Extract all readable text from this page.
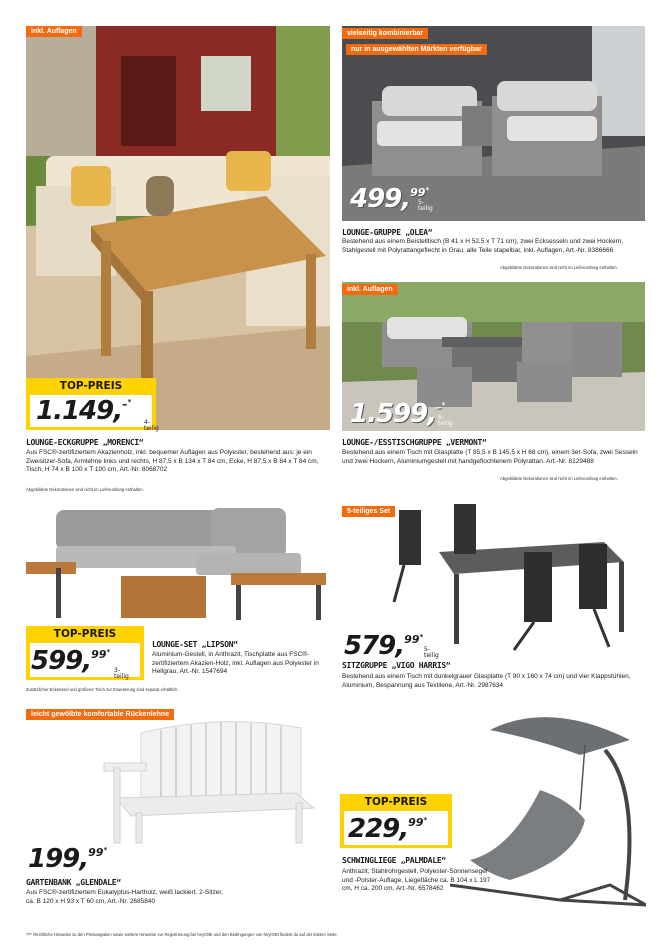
inkl. Auflagen
TOP-PREIS
1.149, – *
4-teilig
LOUNGE-ECKGRUPPE „MORENCI“
Aus FSC®-zertifiziertem Akazienholz, inkl. bequemer Auflagen aus Polyester, bestehend aus: je ein Zweisitzer-Sofa, Armlehne links und rechts, H 87,5 x B 134 x T 84 cm, Ecke, H 87,5 x B 84 x T 84 cm, Tisch, H 74 x B 100 x T 100 cm, Art.-Nr. 8068702
Abgebildete Dekorationen sind nicht im Lieferumfang enthalten.
vielseitig kombinierbar
nur in ausgewählten Märkten verfügbar
499, 99 *
5-teilig
LOUNGE-GRUPPE „OLEA“
Bestehend aus einem Beistelltisch (B 41 x H 52,5 x T 71 cm), zwei Ecksesseln und zwei Hockern, Stahlgestell mit Polyrattangeflecht in Grau, alle Teile stapelbar, inkl. Auflagen, Art.-Nr. 8386666
Abgebildete Dekorationen sind nicht im Lieferumfang enthalten.
inkl. Auflagen
1.599, – *
6-teilig
LOUNGE-/ESSTISCHGRUPPE „VERMONT“
Bestehend aus einem Tisch mit Glasplatte (T 85,5 x B 145,5 x H 68 cm), einem 3er-Sofa, zwei Sesseln und zwei Hockern, Aluminiumgestell mit handgeflochtenem Polyrattan. Art.-Nr. 8129488
Abgebildete Dekorationen sind nicht im Lieferumfang enthalten.
TOP-PREIS
599, 99 *
3-teilig
LOUNGE-SET „LIPSON“
Aluminium-Gestell, in Anthrazit, Tischplatte aus FSC®-zertifiziertem Akazien-Holz, inkl. Auflagen aus Polyester in Hellgrau, Art.-Nr. 1547694
Zusätzlicher Ecksessel und größerer Tisch zur Erweiterung sind separat erhältlich.
5-teiliges Set
579, 99 *
5-teilig
SITZGRUPPE „VIGO HARRIS“
Bestehend aus einem Tisch mit dunkelgrauer Glasplatte (T 90 x 160 x 74 cm) und vier Klappstühlen, Aluminium, Bespannung aus Textilene, Art.-Nr. 2987634
leicht gewölbte komfortable Rückenlehne
199, 99 *
GARTENBANK „GLENDALE“
Aus FSC®-zertifiziertem Eukalyptus-Hartholz, weiß lackiert. 2-Sitzer, ca. B 120 x H 93 x T 60 cm, Art.-Nr. 2685840
TOP-PREIS
229, 99 *
SCHWINGLIEGE „PALMDALE“
Anthrazit, Stahlrohrgestell, Polyester-Sonnensegel und -Polster-Auflage, Liegefläche ca. B 104 x L 197 cm, H ca. 200 cm, Art.-Nr. 6578462
*/** Rechtliche Hinweise zu den Preisangaben sowie weitere Hinweise zur Registrierung bei hey!OBI und den Bedingungen von hey!OBI findest du auf der letzten Seite.
